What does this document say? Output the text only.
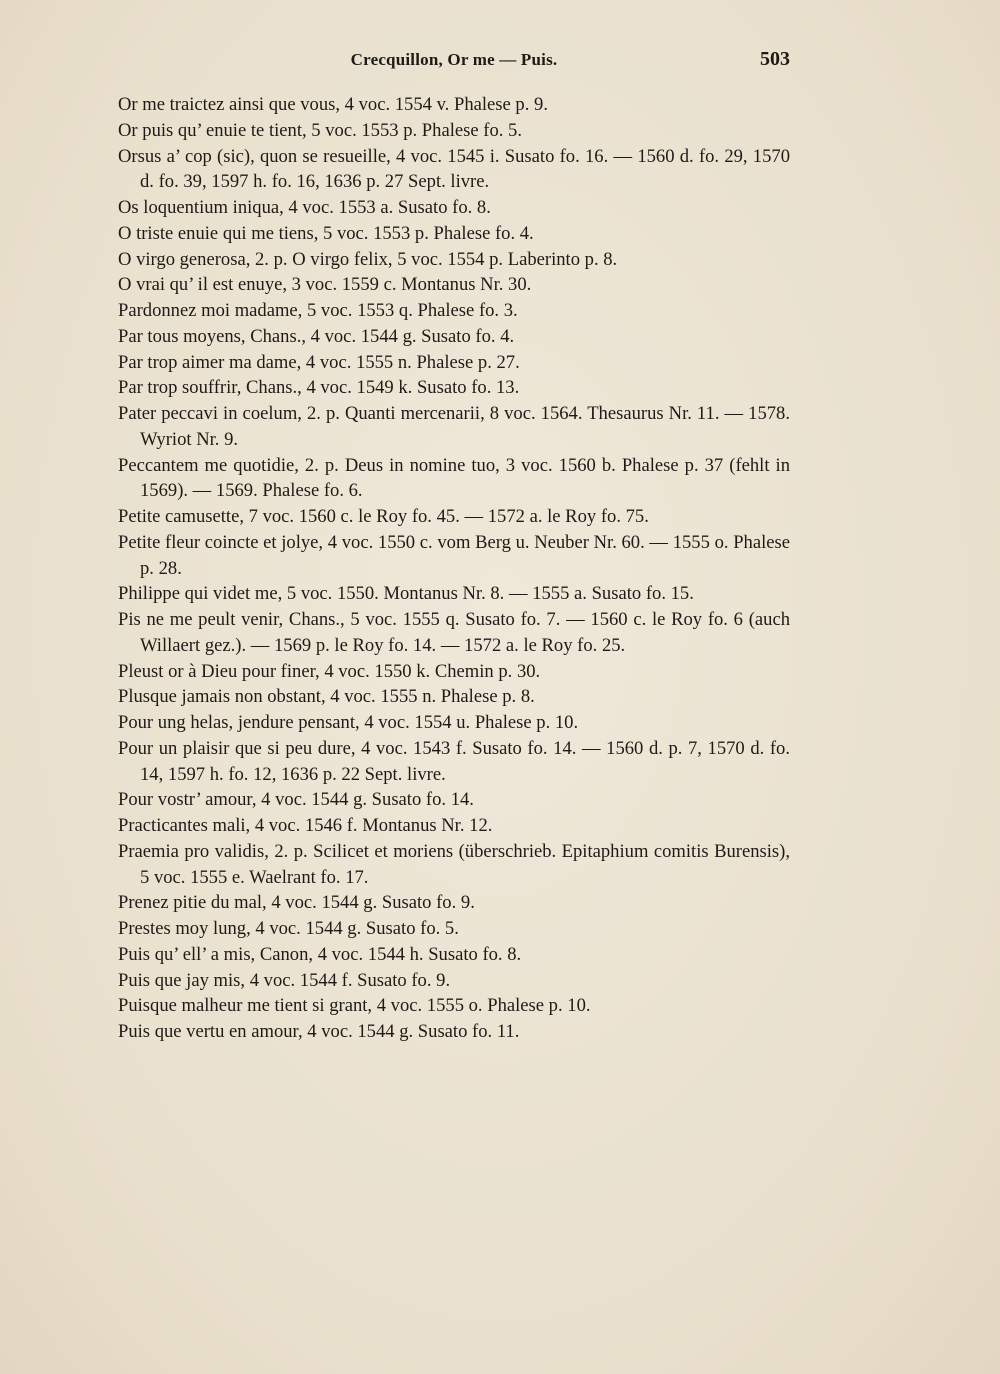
Crecquillon, Or me — Puis.	503
Or me traictez ainsi que vous, 4 voc. 1554 v. Phalese p. 9.
Or puis qu’ enuie te tient, 5 voc. 1553 p. Phalese fo. 5.
Orsus a’ cop (sic), quon se resueille, 4 voc. 1545 i. Susato fo. 16. — 1560 d. fo. 29, 1570 d. fo. 39, 1597 h. fo. 16, 1636 p. 27 Sept. livre.
Os loquentium iniqua, 4 voc. 1553 a. Susato fo. 8.
O triste enuie qui me tiens, 5 voc. 1553 p. Phalese fo. 4.
O virgo generosa, 2. p. O virgo felix, 5 voc. 1554 p. Laberinto p. 8.
O vrai qu’ il est enuye, 3 voc. 1559 c. Montanus Nr. 30.
Pardonnez moi madame, 5 voc. 1553 q. Phalese fo. 3.
Par tous moyens, Chans., 4 voc. 1544 g. Susato fo. 4.
Par trop aimer ma dame, 4 voc. 1555 n. Phalese p. 27.
Par trop souffrir, Chans., 4 voc. 1549 k. Susato fo. 13.
Pater peccavi in coelum, 2. p. Quanti mercenarii, 8 voc. 1564. Thesaurus Nr. 11. — 1578. Wyriot Nr. 9.
Peccantem me quotidie, 2. p. Deus in nomine tuo, 3 voc. 1560 b. Phalese p. 37 (fehlt in 1569). — 1569. Phalese fo. 6.
Petite camusette, 7 voc. 1560 c. le Roy fo. 45. — 1572 a. le Roy fo. 75.
Petite fleur coincte et jolye, 4 voc. 1550 c. vom Berg u. Neuber Nr. 60. — 1555 o. Phalese p. 28.
Philippe qui videt me, 5 voc. 1550. Montanus Nr. 8. — 1555 a. Susato fo. 15.
Pis ne me peult venir, Chans., 5 voc. 1555 q. Susato fo. 7. — 1560 c. le Roy fo. 6 (auch Willaert gez.). — 1569 p. le Roy fo. 14. — 1572 a. le Roy fo. 25.
Pleust or à Dieu pour finer, 4 voc. 1550 k. Chemin p. 30.
Plusque jamais non obstant, 4 voc. 1555 n. Phalese p. 8.
Pour ung helas, jendure pensant, 4 voc. 1554 u. Phalese p. 10.
Pour un plaisir que si peu dure, 4 voc. 1543 f. Susato fo. 14. — 1560 d. p. 7, 1570 d. fo. 14, 1597 h. fo. 12, 1636 p. 22 Sept. livre.
Pour vostr’ amour, 4 voc. 1544 g. Susato fo. 14.
Practicantes mali, 4 voc. 1546 f. Montanus Nr. 12.
Praemia pro validis, 2. p. Scilicet et moriens (überschrieb. Epitaphium comitis Burensis), 5 voc. 1555 e. Waelrant fo. 17.
Prenez pitie du mal, 4 voc. 1544 g. Susato fo. 9.
Prestes moy lung, 4 voc. 1544 g. Susato fo. 5.
Puis qu’ ell’ a mis, Canon, 4 voc. 1544 h. Susato fo. 8.
Puis que jay mis, 4 voc. 1544 f. Susato fo. 9.
Puisque malheur me tient si grant, 4 voc. 1555 o. Phalese p. 10.
Puis que vertu en amour, 4 voc. 1544 g. Susato fo. 11.
